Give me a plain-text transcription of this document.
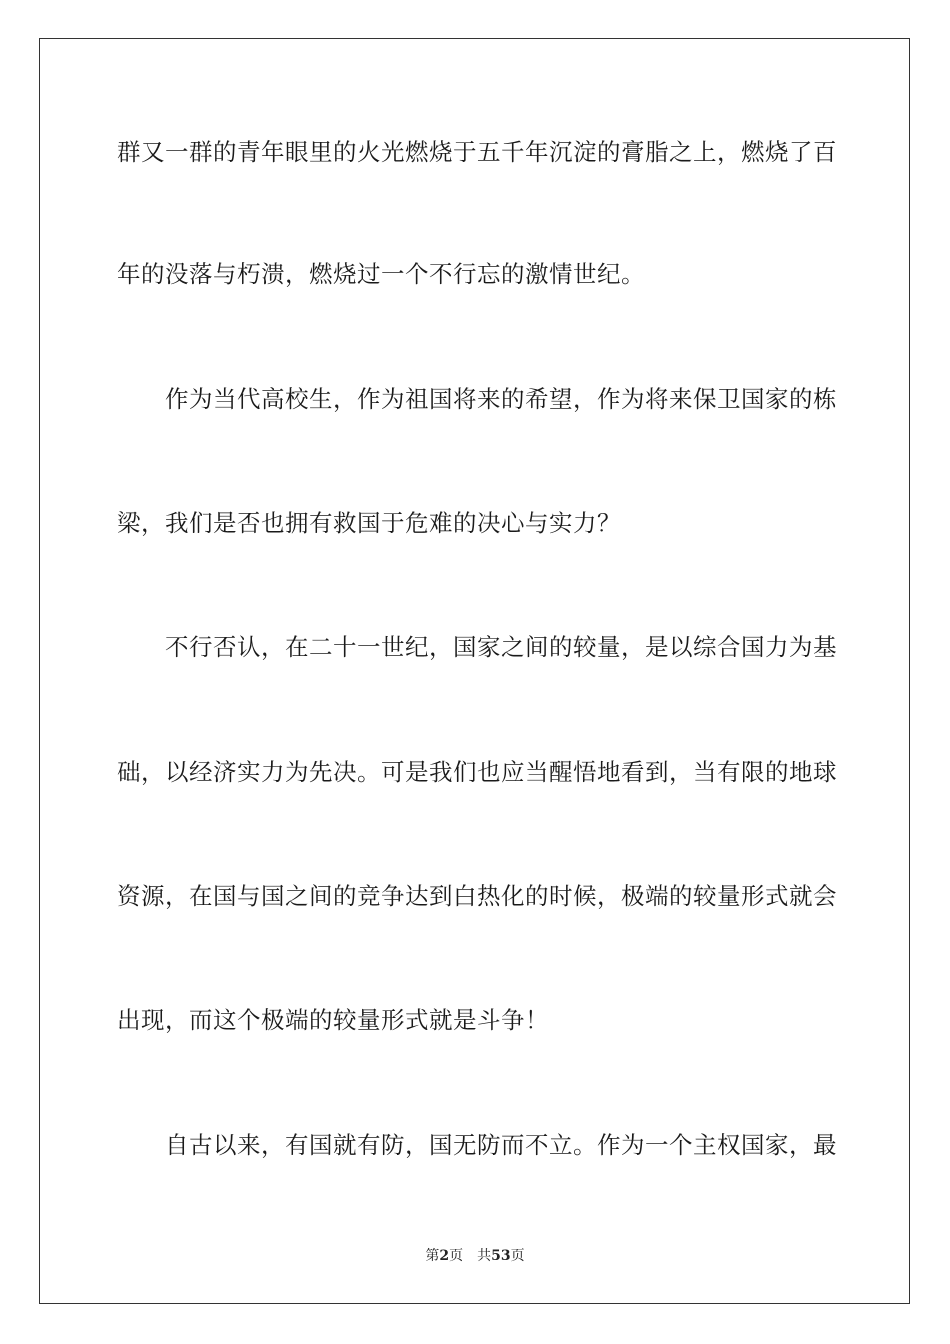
群又一群的青年眼里的火光燃烧于五千年沉淀的膏脂之上，燃烧了百
年的没落与朽溃，燃烧过一个不行忘的激情世纪。
作为当代高校生，作为祖国将来的希望，作为将来保卫国家的栋
梁，我们是否也拥有救国于危难的决心与实力？
不行否认，在二十一世纪，国家之间的较量，是以综合国力为基
础，以经济实力为先决。可是我们也应当醒悟地看到，当有限的地球
资源，在国与国之间的竞争达到白热化的时候，极端的较量形式就会
出现，而这个极端的较量形式就是斗争！
自古以来，有国就有防，国无防而不立。作为一个主权国家，最
第2页 共53页
